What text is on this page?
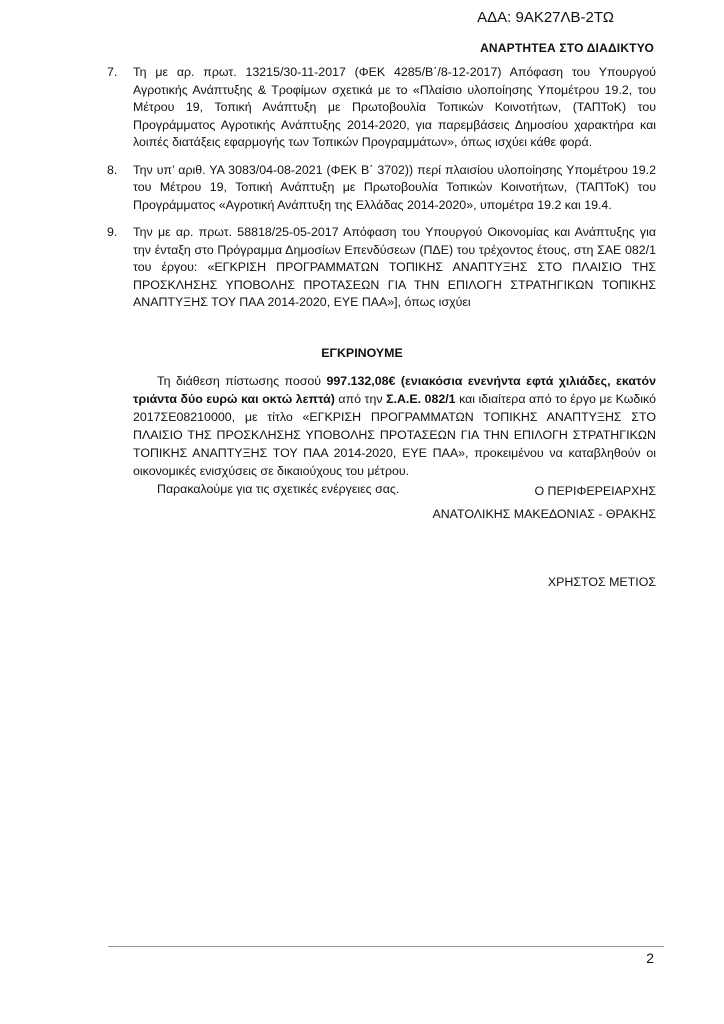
ΑΔΑ: 9ΑΚ27ΛΒ-2ΤΩ
ΑΝΑΡΤΗΤΕΑ ΣΤΟ ΔΙΑΔΙΚΤΥΟ
7. Τη με αρ. πρωτ. 13215/30-11-2017 (ΦΕΚ 4285/Β΄/8-12-2017) Απόφαση του Υπουργού Αγροτικής Ανάπτυξης & Τροφίμων σχετικά με το «Πλαίσιο υλοποίησης Υπομέτρου 19.2, του Μέτρου 19, Τοπική Ανάπτυξη με Πρωτοβουλία Τοπικών Κοινοτήτων, (ΤΑΠΤοΚ) του Προγράμματος Αγροτικής Ανάπτυξης 2014-2020, για παρεμβάσεις Δημοσίου χαρακτήρα και λοιπές διατάξεις εφαρμογής των Τοπικών Προγραμμάτων», όπως ισχύει κάθε φορά.
8. Την υπ’ αριθ. ΥΑ 3083/04-08-2021 (ΦΕΚ Β΄ 3702)) περί πλαισίου υλοποίησης Υπομέτρου 19.2 του Μέτρου 19, Τοπική Ανάπτυξη με Πρωτοβουλία Τοπικών Κοινοτήτων, (ΤΑΠΤοΚ) του Προγράμματος «Αγροτική Ανάπτυξη της Ελλάδας 2014-2020», υπομέτρα 19.2 και 19.4.
9. Την με αρ. πρωτ. 58818/25-05-2017 Απόφαση του Υπουργού Οικονομίας και Ανάπτυξης για την ένταξη στο Πρόγραμμα Δημοσίων Επενδύσεων (ΠΔΕ) του τρέχοντος έτους, στη ΣΑΕ 082/1 του έργου: «ΕΓΚΡΙΣΗ ΠΡΟΓΡΑΜΜΑΤΩΝ ΤΟΠΙΚΗΣ ΑΝΑΠΤΥΞΗΣ ΣΤΟ ΠΛΑΙΣΙΟ ΤΗΣ ΠΡΟΣΚΛΗΣΗΣ ΥΠΟΒΟΛΗΣ ΠΡΟΤΑΣΕΩΝ ΓΙΑ ΤΗΝ ΕΠΙΛΟΓΗ ΣΤΡΑΤΗΓΙΚΩΝ ΤΟΠΙΚΗΣ ΑΝΑΠΤΥΞΗΣ ΤΟΥ ΠΑΑ 2014-2020, ΕΥΕ ΠΑΑ»], όπως ισχύει
ΕΓΚΡΙΝΟΥΜΕ

Τη διάθεση πίστωσης ποσού 997.132,08€ (ενιακόσια ενενήντα εφτά χιλιάδες, εκατόν τριάντα δύο ευρώ και οκτώ λεπτά) από την Σ.Α.Ε. 082/1 και ιδιαίτερα από το έργο με Κωδικό 2017ΣΕ08210000, με τίτλο «ΕΓΚΡΙΣΗ ΠΡΟΓΡΑΜΜΑΤΩΝ ΤΟΠΙΚΗΣ ΑΝΑΠΤΥΞΗΣ ΣΤΟ ΠΛΑΙΣΙΟ ΤΗΣ ΠΡΟΣΚΛΗΣΗΣ ΥΠΟΒΟΛΗΣ ΠΡΟΤΑΣΕΩΝ ΓΙΑ ΤΗΝ ΕΠΙΛΟΓΗ ΣΤΡΑΤΗΓΙΚΩΝ ΤΟΠΙΚΗΣ ΑΝΑΠΤΥΞΗΣ ΤΟΥ ΠΑΑ 2014-2020, ΕΥΕ ΠΑΑ», προκειμένου να καταβληθούν οι οικονομικές ενισχύσεις σε δικαιούχους του μέτρου.

Παρακαλούμε για τις σχετικές ενέργειες σας.	Ο ΠΕΡΙΦΕΡΕΙΑΡΧΗΣ
ΑΝΑΤΟΛΙΚΗΣ ΜΑΚΕΔΟΝΙΑΣ - ΘΡΑΚΗΣ
ΧΡΗΣΤΟΣ ΜΕΤΙΟΣ
2
